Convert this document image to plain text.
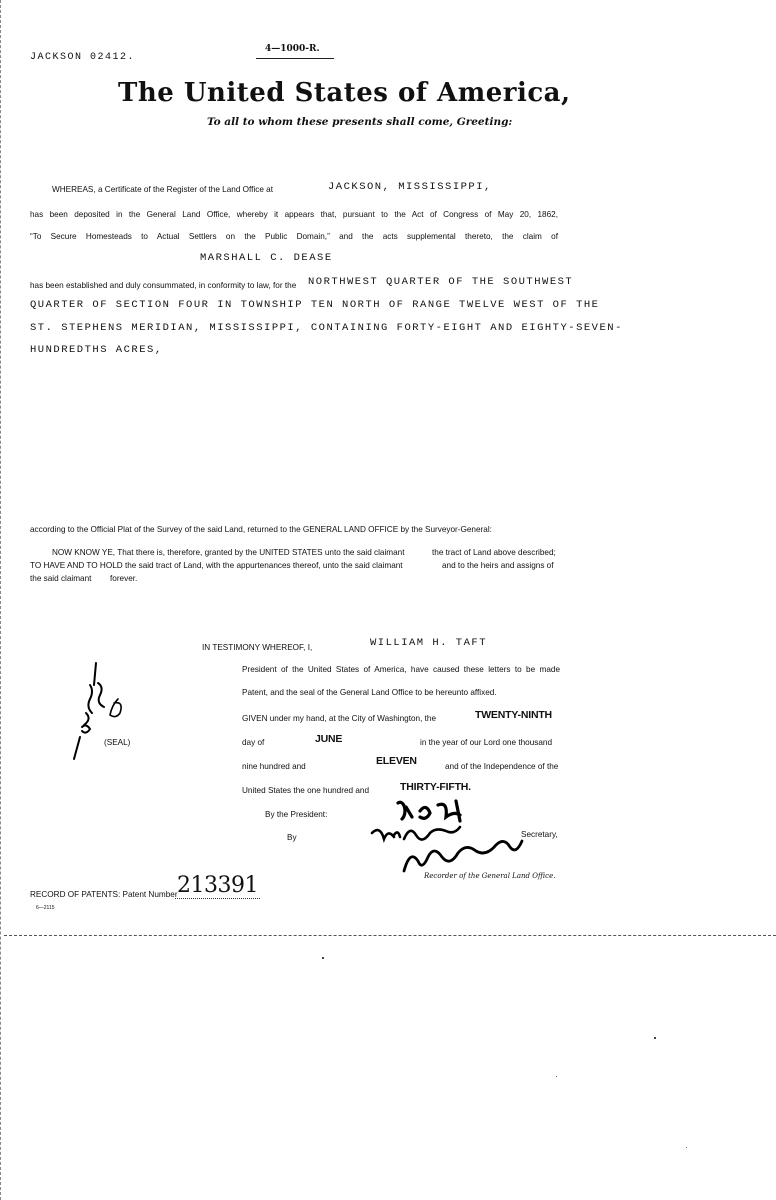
JACKSON 02412.
4—1000-R.
The United States of America,
To all to whom these presents shall come, Greeting:
WHEREAS, a Certificate of the Register of the Land Office at	JACKSON, MISSISSIPPI,
has been deposited in the General Land Office, whereby it appears that, pursuant to the Act of Congress of May 20, 1862,
“To Secure Homesteads to Actual Settlers on the Public Domain,” and the acts supplemental thereto, the claim of
MARSHALL C. DEASE
has been established and duly consummated, in conformity to law, for the NORTHWEST QUARTER OF THE SOUTHWEST
QUARTER OF SECTION FOUR IN TOWNSHIP TEN NORTH OF RANGE TWELVE WEST OF THE
ST. STEPHENS MERIDIAN, MISSISSIPPI, CONTAINING FORTY-EIGHT AND EIGHTY-SEVEN-
HUNDREDTHS ACRES,
according to the Official Plat of the Survey of the said Land, returned to the GENERAL LAND OFFICE by the Surveyor-General:
NOW KNOW YE, That there is, therefore, granted by the UNITED STATES unto the said claimant	the tract of Land above described;
TO HAVE AND TO HOLD the said tract of Land, with the appurtenances thereof, unto the said claimant	and to the heirs and assigns of
the said claimant forever.
IN TESTIMONY WHEREOF, I,	WILLIAM H. TAFT
President of the United States of America, have caused these letters to be made
Patent, and the seal of the General Land Office to be hereunto affixed.
GIVEN under my hand, at the City of Washington, the	TWENTY-NINTH
day of	JUNE	in the year of our Lord one thousand
nine hundred and	ELEVEN	and of the Independence of the
United States the one hundred and	THIRTY-FIFTH.
By the President:
By	Secretary,
Recorder of the General Land Office.
(SEAL)
RECORD OF PATENTS: Patent Number 213391
6—2115
